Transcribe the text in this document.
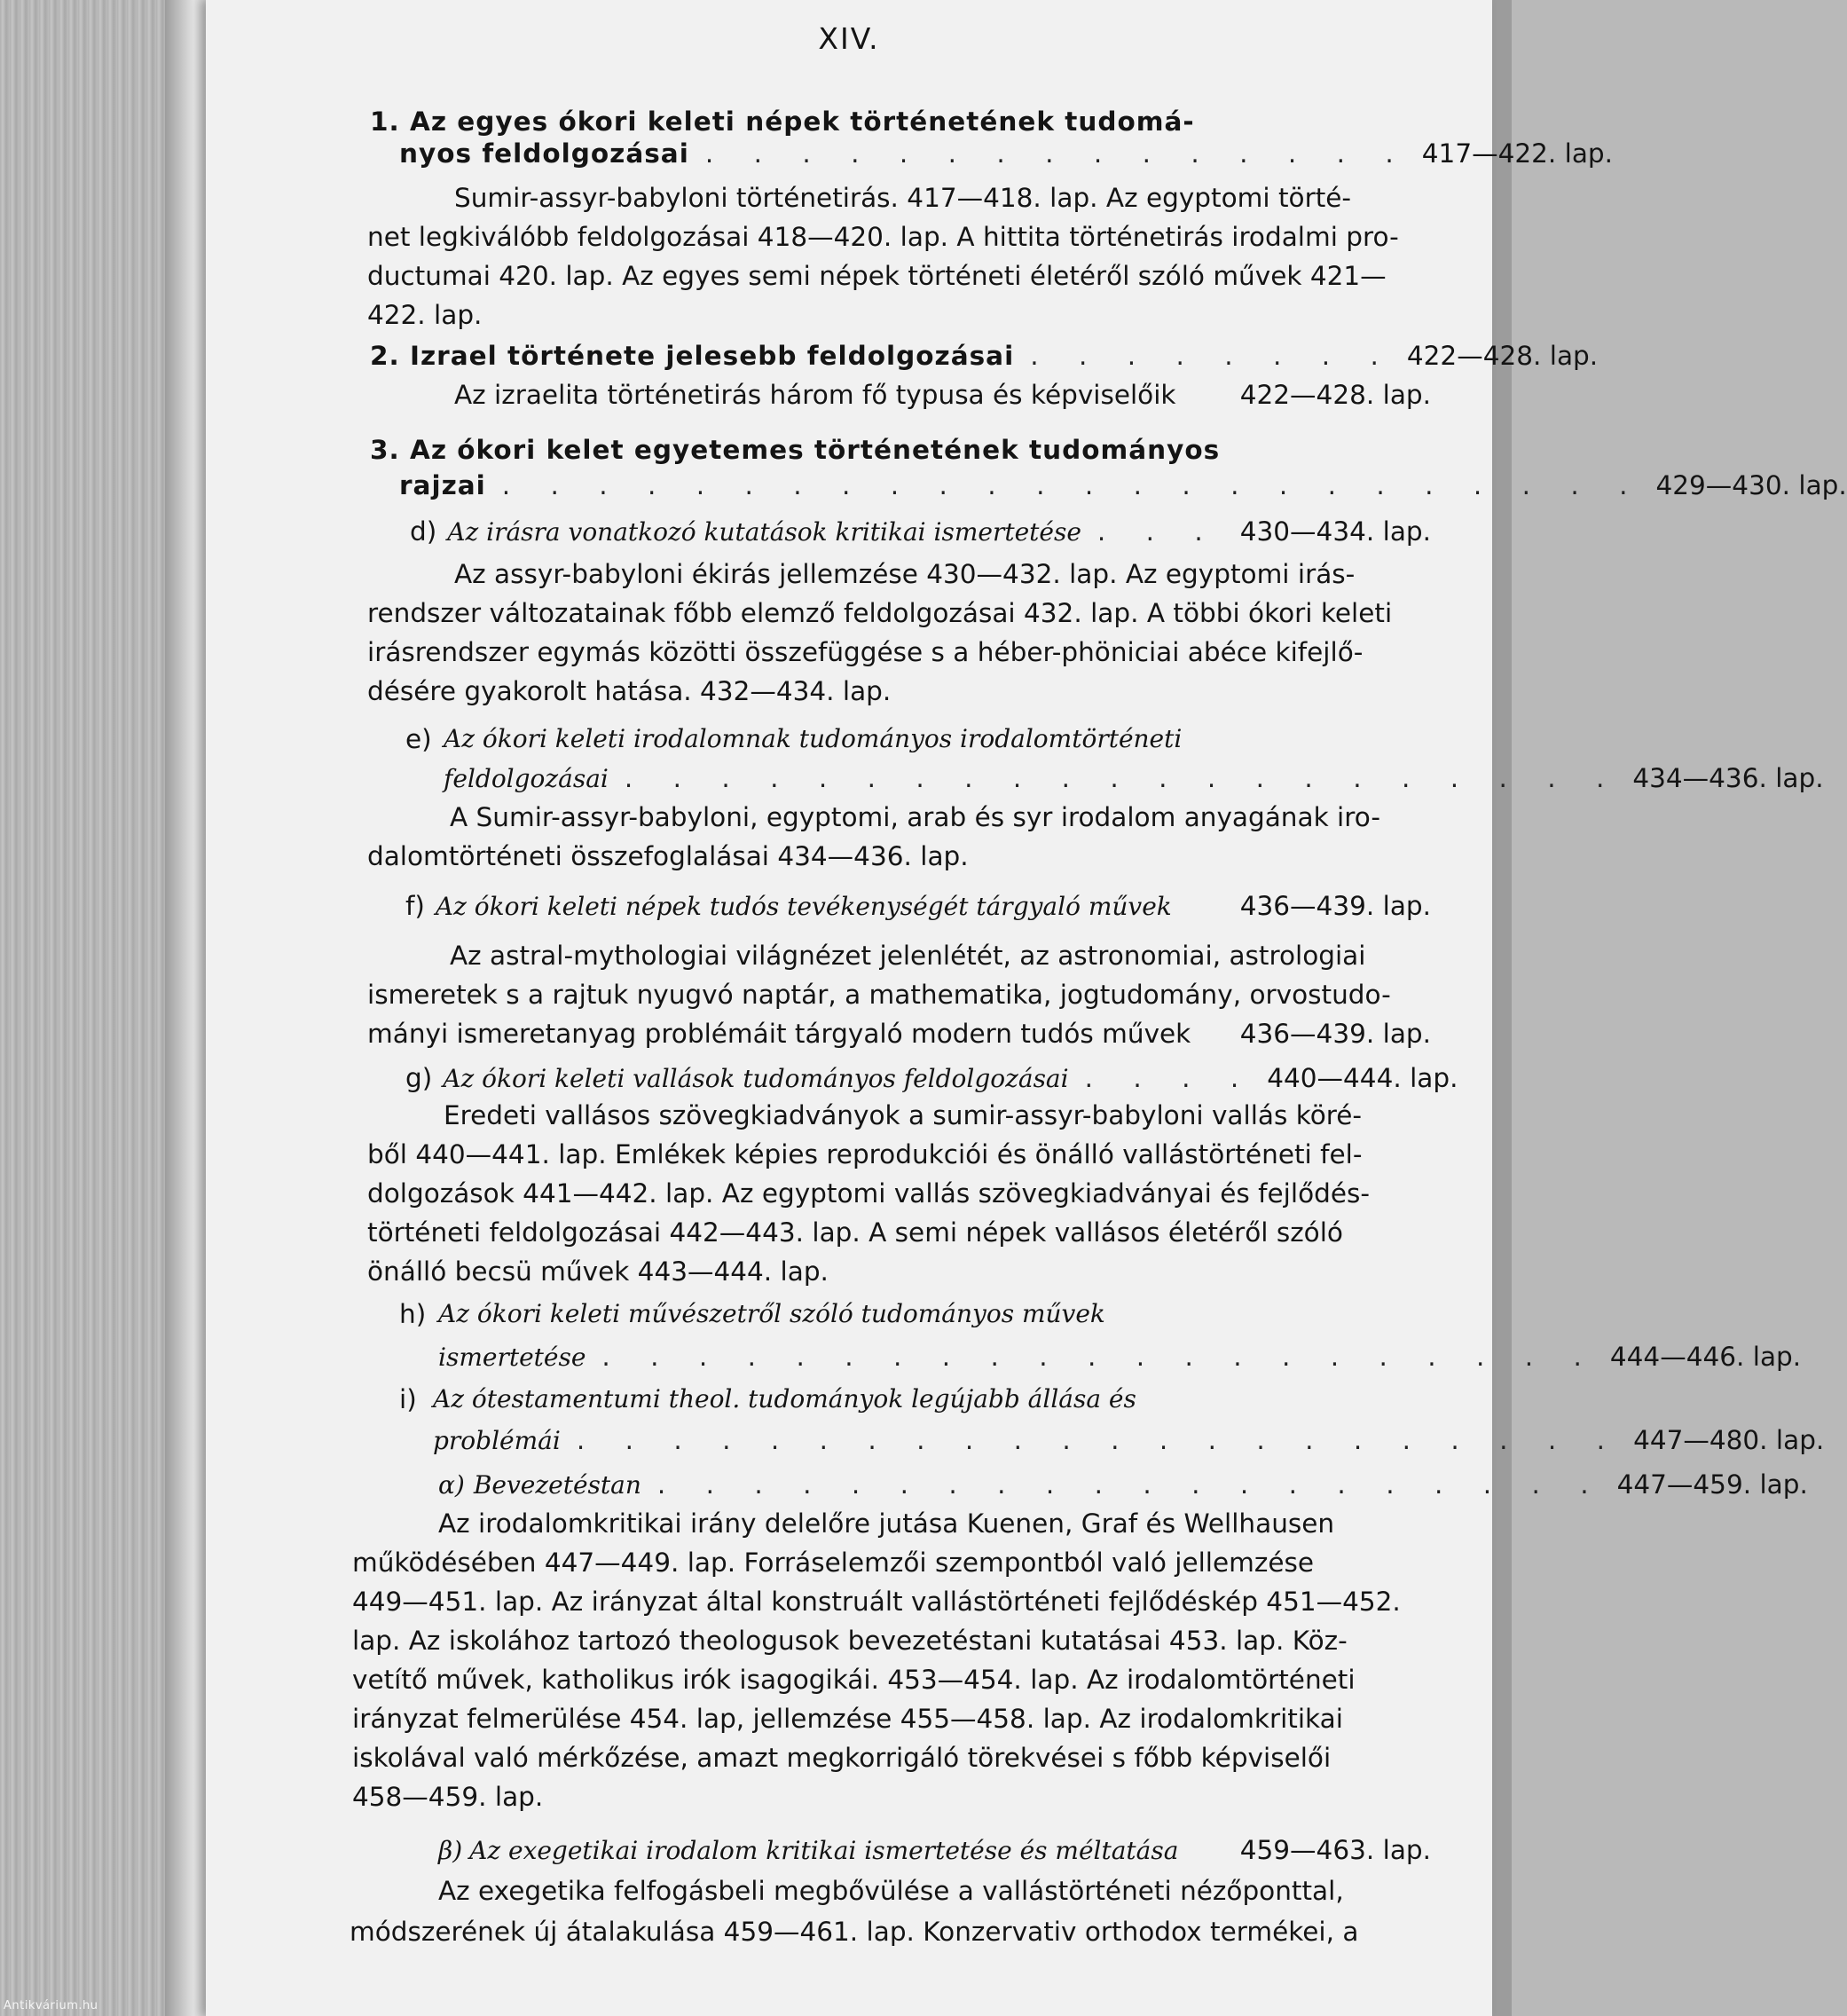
Antikvárium.hu
XIV.
1. Az egyes ókori keleti népek történetének tudomá-
nyos feldolgozásai . . . . . . . . . . . . . . . 417—422. lap.
Sumir-assyr-babyloni történetirás. 417—418. lap. Az egyptomi törté-
net legkiválóbb feldolgozásai 418—420. lap. A hittita történetirás irodalmi pro-
ductumai 420. lap. Az egyes semi népek történeti életéről szóló művek 421—
422. lap.
2. Izrael története jelesebb feldolgozásai . . . . . . . . 422—428. lap.
Az izraelita történetirás három fő typusa és képviselőik	422—428. lap.
3. Az ókori kelet egyetemes történetének tudományos
rajzai . . . . . . . . . . . . . . . . . . . . . . . . 429—430. lap.
d) Az irásra vonatkozó kutatások kritikai ismertetése . . . 430—434. lap.
Az assyr-babyloni ékirás jellemzése 430—432. lap. Az egyptomi irás-
rendszer változatainak főbb elemző feldolgozásai 432. lap. A többi ókori keleti
irásrendszer egymás közötti összefüggése s a héber-phöniciai abéce kifejlő-
désére gyakorolt hatása. 432—434. lap.
e) Az ókori keleti irodalomnak tudományos irodalomtörténeti
feldolgozásai . . . . . . . . . . . . . . . . . . . . . 434—436. lap.
A Sumir-assyr-babyloni, egyptomi, arab és syr irodalom anyagának iro-
dalomtörténeti összefoglalásai 434—436. lap.
f) Az ókori keleti népek tudós tevékenységét tárgyaló művek	436—439. lap.
Az astral-mythologiai világnézet jelenlétét, az astronomiai, astrologiai
ismeretek s a rajtuk nyugvó naptár, a mathematika, jogtudomány, orvostudo-
mányi ismeretanyag problémáit tárgyaló modern tudós művek	436—439. lap.
g) Az ókori keleti vallások tudományos feldolgozásai . . . . 440—444. lap.
Eredeti vallásos szövegkiadványok a sumir-assyr-babyloni vallás köré-
ből 440—441. lap. Emlékek képies reprodukciói és önálló vallástörténeti fel-
dolgozások 441—442. lap. Az egyptomi vallás szövegkiadványai és fejlődés-
történeti feldolgozásai 442—443. lap. A semi népek vallásos életéről szóló
önálló becsü művek 443—444. lap.
h) Az ókori keleti művészetről szóló tudományos művek
ismertetése . . . . . . . . . . . . . . . . . . . . . 444—446. lap.
i) Az ótestamentumi theol. tudományok legújabb állása és
problémái . . . . . . . . . . . . . . . . . . . . . . 447—480. lap.
α) Bevezetéstan . . . . . . . . . . . . . . . . . . . . 447—459. lap.
Az irodalomkritikai irány delelőre jutása Kuenen, Graf és Wellhausen
működésében 447—449. lap. Forráselemzői szempontból való jellemzése
449—451. lap. Az irányzat által konstruált vallástörténeti fejlődéskép 451—452.
lap. Az iskolához tartozó theologusok bevezetéstani kutatásai 453. lap. Köz-
vetítő művek, katholikus irók isagogikái. 453—454. lap. Az irodalomtörténeti
irányzat felmerülése 454. lap, jellemzése 455—458. lap. Az irodalomkritikai
iskolával való mérkőzése, amazt megkorrigáló törekvései s főbb képviselői
458—459. lap.
β) Az exegetikai irodalom kritikai ismertetése és méltatása	459—463. lap.
Az exegetika felfogásbeli megbővülése a vallástörténeti nézőponttal,
módszerének új átalakulása 459—461. lap. Konzervativ orthodox termékei, a
